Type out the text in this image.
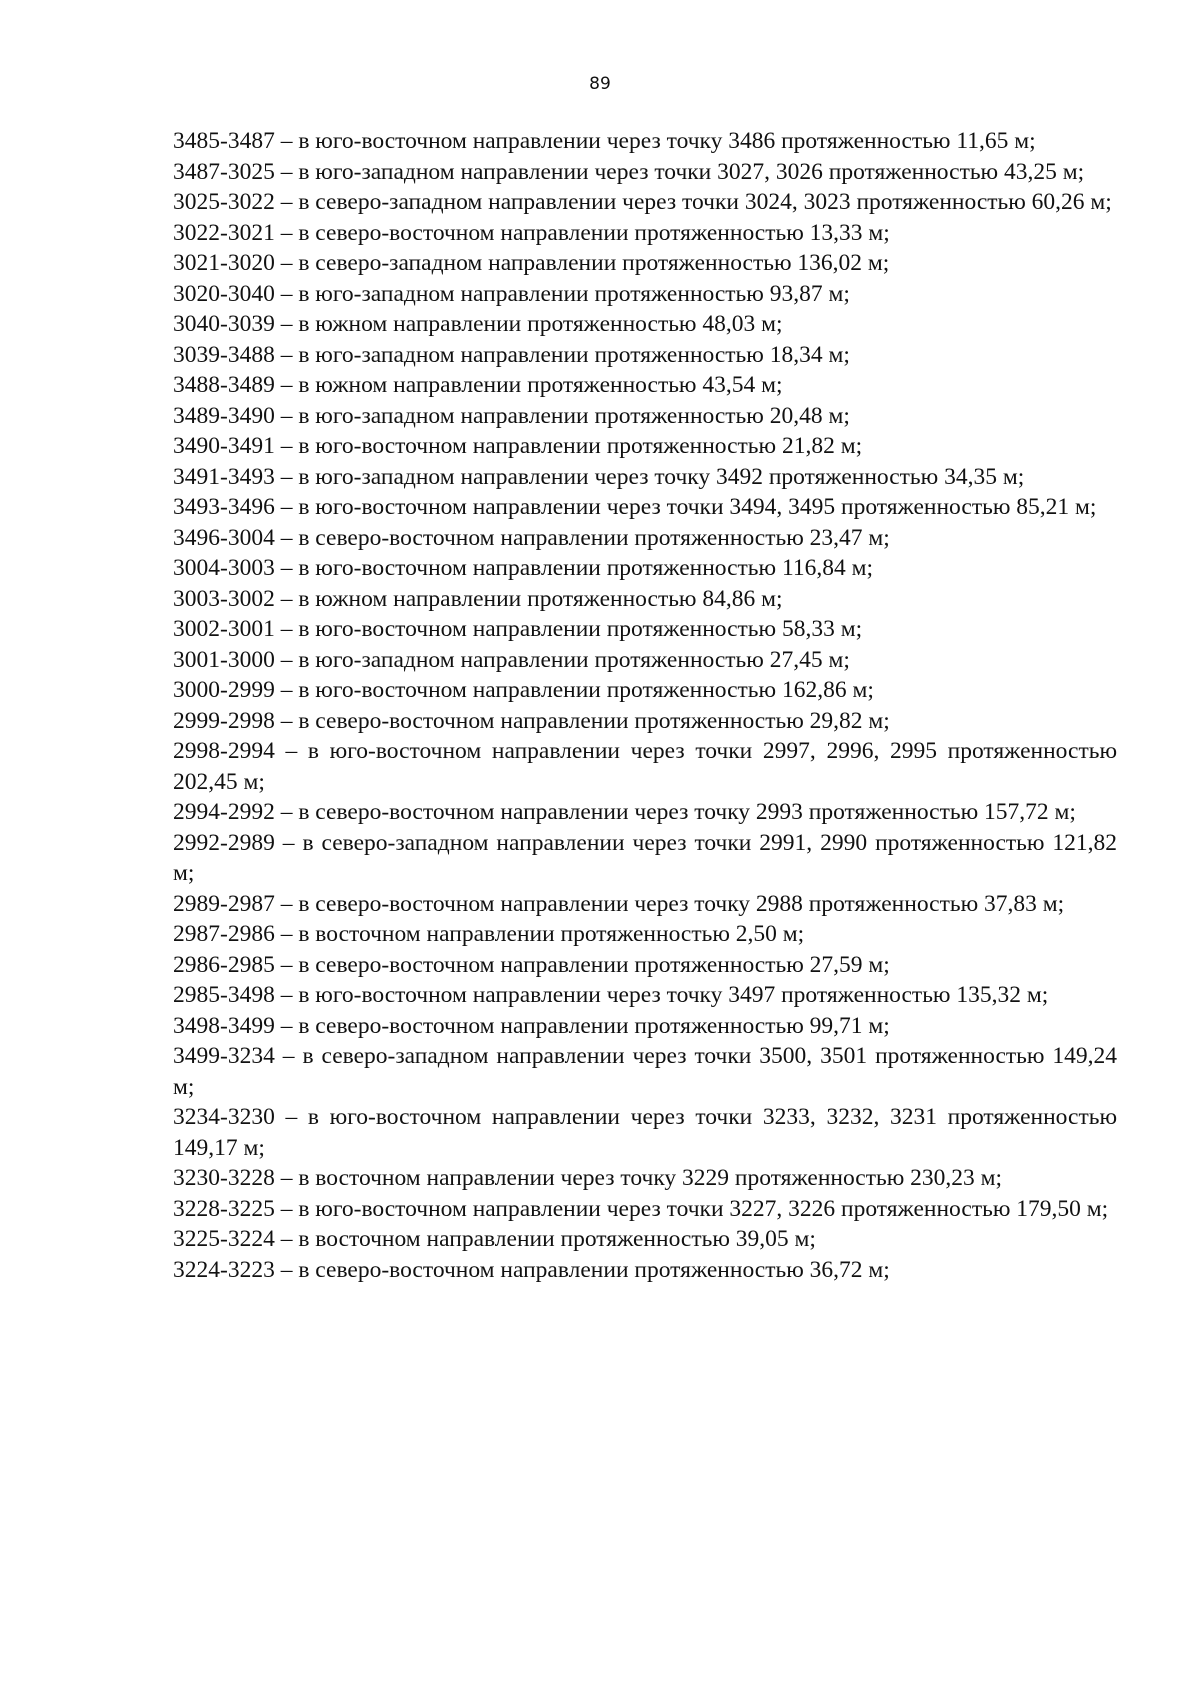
89

3485-3487 – в юго-восточном направлении через точку 3486 протяженностью 11,65 м;

3487-3025 – в юго-западном направлении через точки 3027, 3026 протяженностью 43,25 м;

3025-3022 – в северо-западном направлении через точки 3024, 3023 протяженностью 60,26 м;

3022-3021 – в северо-восточном направлении протяженностью 13,33 м;

3021-3020 – в северо-западном направлении протяженностью 136,02 м;

3020-3040 – в юго-западном направлении протяженностью 93,87 м;

3040-3039 – в южном направлении протяженностью 48,03 м;

3039-3488 – в юго-западном направлении протяженностью 18,34 м;

3488-3489 – в южном направлении протяженностью 43,54 м;

3489-3490 – в юго-западном направлении протяженностью 20,48 м;

3490-3491 – в юго-восточном направлении протяженностью 21,82 м;

3491-3493 – в юго-западном направлении через точку 3492 протяженностью 34,35 м;

3493-3496 – в юго-восточном направлении через точки 3494, 3495 протяженностью 85,21 м;

3496-3004 – в северо-восточном направлении протяженностью 23,47 м;

3004-3003 – в юго-восточном направлении протяженностью 116,84 м;

3003-3002 – в южном направлении протяженностью 84,86 м;

3002-3001 – в юго-восточном направлении протяженностью 58,33 м;

3001-3000 – в юго-западном направлении протяженностью 27,45 м;

3000-2999 – в юго-восточном направлении протяженностью 162,86 м;

2999-2998 – в северо-восточном направлении протяженностью 29,82 м;

2998-2994 – в юго-восточном направлении через точки 2997, 2996, 2995 протяженностью 202,45 м;

2994-2992 – в северо-восточном направлении через точку 2993 протяженностью 157,72 м;

2992-2989 – в северо-западном направлении через точки 2991, 2990 протяженностью 121,82 м;

2989-2987 – в северо-восточном направлении через точку 2988 протяженностью 37,83 м;

2987-2986 – в восточном направлении протяженностью 2,50 м;

2986-2985 – в северо-восточном направлении протяженностью 27,59 м;

2985-3498 – в юго-восточном направлении через точку 3497 протяженностью 135,32 м;

3498-3499 – в северо-восточном направлении протяженностью 99,71 м;

3499-3234 – в северо-западном направлении через точки 3500, 3501 протяженностью 149,24 м;

3234-3230 – в юго-восточном направлении через точки 3233, 3232, 3231 протяженностью 149,17 м;

3230-3228 – в восточном направлении через точку 3229 протяженностью 230,23 м;

3228-3225 – в юго-восточном направлении через точки 3227, 3226 протяженностью 179,50 м;

3225-3224 – в восточном направлении протяженностью 39,05 м;

3224-3223 – в северо-восточном направлении протяженностью 36,72 м;
